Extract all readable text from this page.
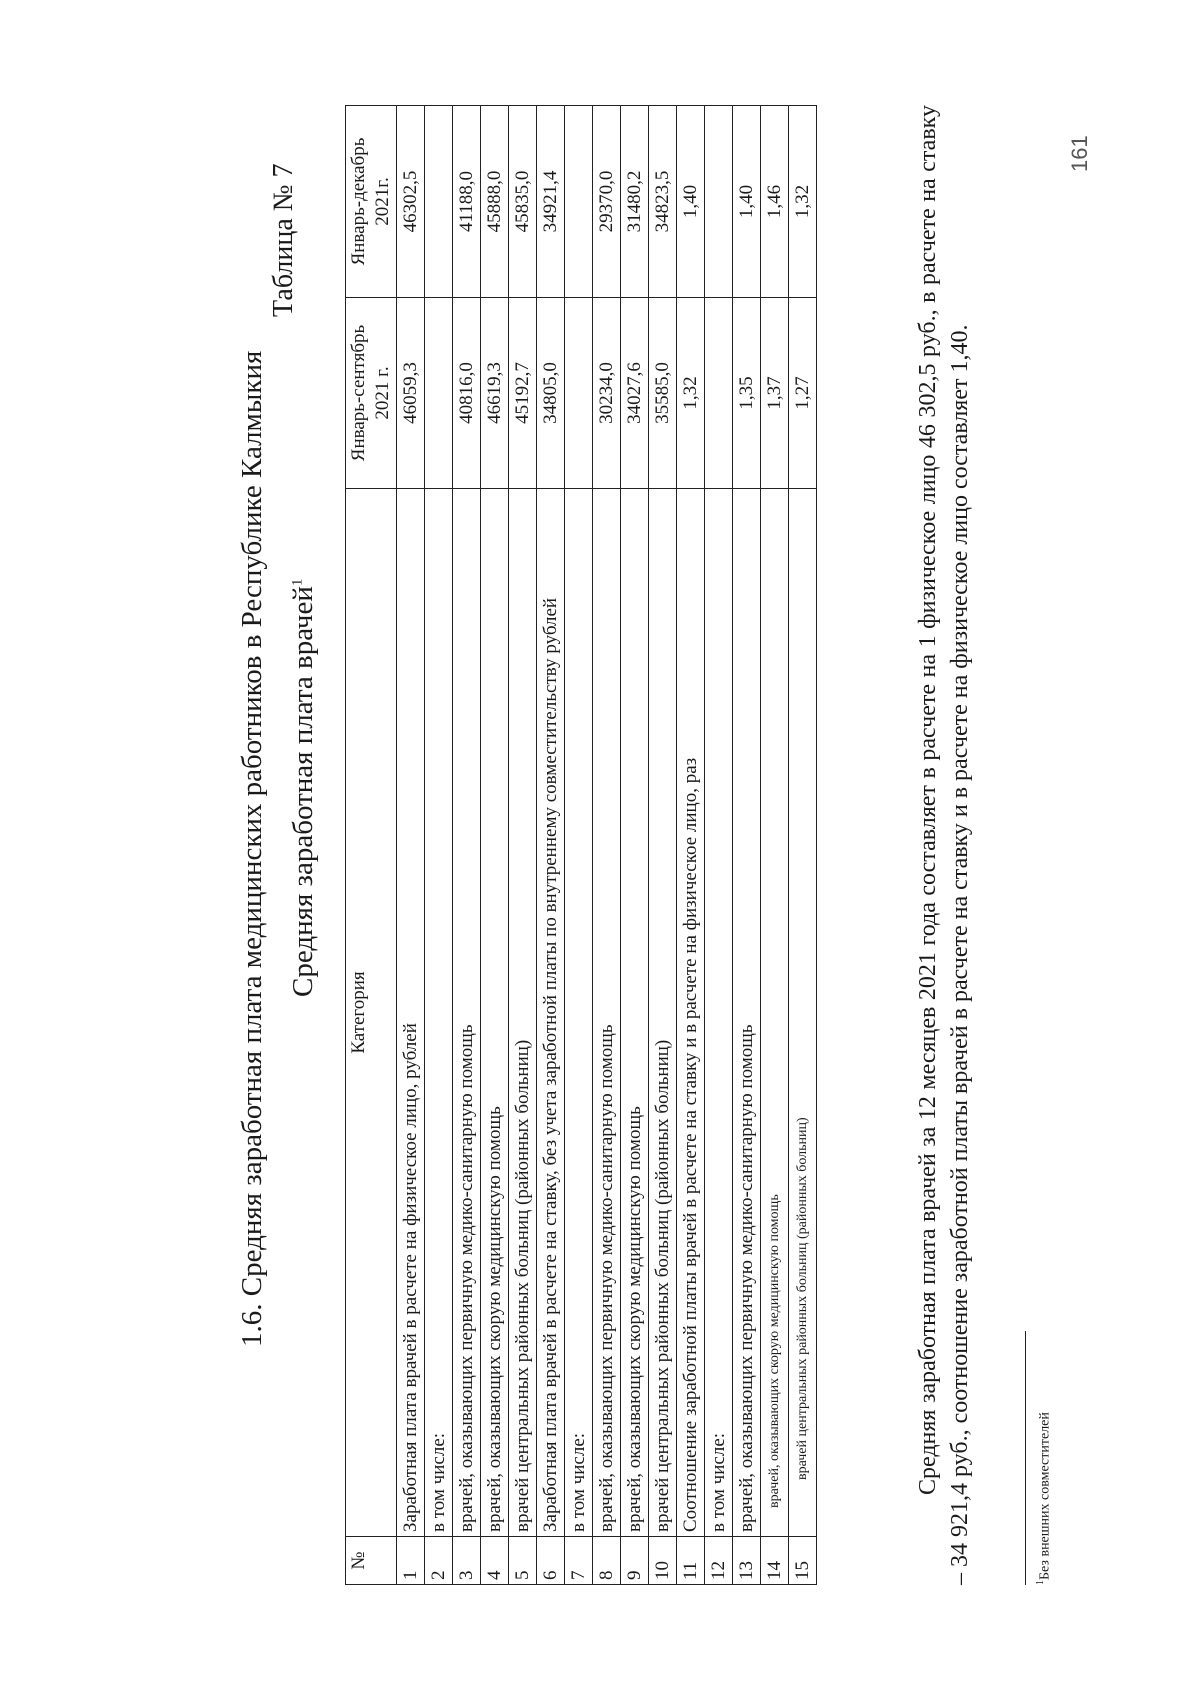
1.6. Средняя заработная плата медицинских работников в Республике Калмыкия
Таблица № 7
Средняя заработная плата врачей$^1$
№	Категория	Январь-сентябрь 2021 г.	Январь-декабрь 2021г.
1	Заработная плата врачей в расчете на физическое лицо, рублей	46059,3	46302,5
2	в том числе:		
3	врачей, оказывающих первичную медико-санитарную помощь	40816,0	41188,0
4	врачей, оказывающих скорую медицинскую помощь	46619,3	45888,0
5	врачей центральных районных больниц (районных больниц)	45192,7	45835,0
6	Заработная плата врачей в расчете на ставку, без учета заработной платы по внутреннему совместительству рублей	34805,0	34921,4
7	в том числе:		
8	врачей, оказывающих первичную медико-санитарную помощь	30234,0	29370,0
9	врачей, оказывающих скорую медицинскую помощь	34027,6	31480,2
10	врачей центральных районных больниц (районных больниц)	35585,0	34823,5
11	Соотношение заработной платы врачей в расчете на ставку и в расчете на физическое лицо, раз	1,32	1,40
12	в том числе:		
13	врачей, оказывающих первичную медико-санитарную помощь	1,35	1,40
14	врачей, оказывающих скорую медицинскую помощь	1,37	1,46
15	врачей центральных районных больниц (районных больниц)	1,27	1,32	Средняя заработная плата врачей за 12 месяцев 2021 года составляет в расчете на 1 физическое лицо 46 302,5 руб., в расчете на ставку – 34 921,4 руб., соотношение заработной платы врачей в расчете на ставку и в расчете на физическое лицо составляет 1,40.	$^1$Без внешних совместителей
161
